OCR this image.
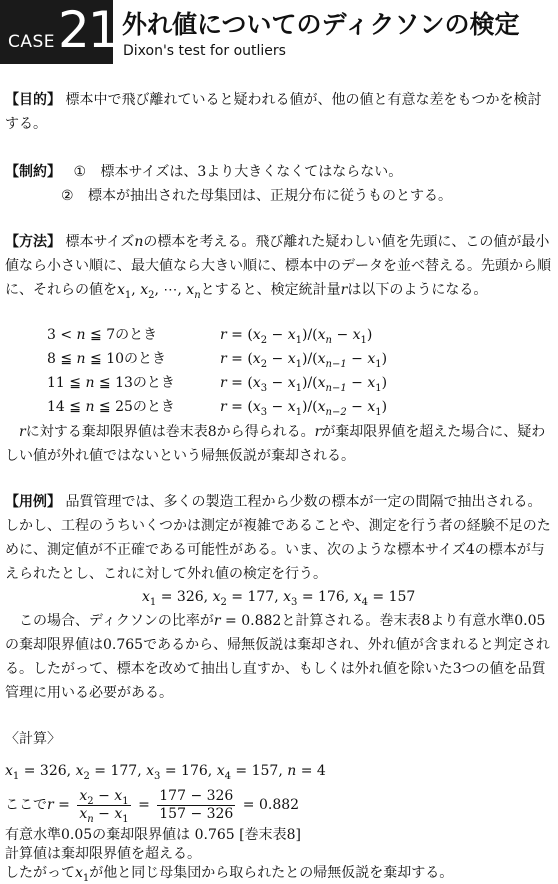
CASE 21 外れ値についてのディクソンの検定
Dixon's test for outliers
【目的】 標本中で飛び離れていると疑われる値が、他の値と有意な差をもつかを検討する。
【制約】 ① 標本サイズは、3より大きくなくてはならない。
② 標本が抽出された母集団は、正規分布に従うものとする。
【方法】 標本サイズnの標本を考える。飛び離れた疑わしい値を先頭に、この値が最小値なら小さい順に、最大値なら大きい順に、標本中のデータを並べ替える。先頭から順に、それらの値を$x_1$, $x_2$, ⋯, $x_n$とすると、検定統計量rは以下のようになる。
3 < n ≦ 7のとき	$r = (x_2 - x_1)/(x_n - x_1)$
8 ≦ n ≦ 10のとき	$r = (x_2 - x_1)/(x_{n-1} - x_1)$
11 ≦ n ≦ 13のとき	$r = (x_3 - x_1)/(x_{n-1} - x_1)$
14 ≦ n ≦ 25のとき	$r = (x_3 - x_1)/(x_{n-2} - x_1)$
rに対する棄却限界値は巻末表8から得られる。rが棄却限界値を超えた場合に、疑わしい値が外れ値ではないという帰無仮説が棄却される。
【用例】 品質管理では、多くの製造工程から少数の標本が一定の間隔で抽出される。しかし、工程のうちいくつかは測定が複雑であることや、測定を行う者の経験不足のために、測定値が不正確である可能性がある。いま、次のような標本サイズ4の標本が与えられたとし、これに対して外れ値の検定を行う。
$x_1 = 326$, $x_2 = 177$, $x_3 = 176$, $x_4 = 157$
この場合、ディクソンの比率がr = 0.882と計算される。巻末表8より有意水準0.05の棄却限界値は0.765であるから、帰無仮説は棄却され、外れ値が含まれると判定される。したがって、標本を改めて抽出し直すか、もしくは外れ値を除いた3つの値を品質管理に用いる必要がある。
〈計算〉
$x_1 = 326$, $x_2 = 177$, $x_3 = 176$, $x_4 = 157$, n = 4
ここで$r = \frac{x_2 - x_1}{x_n - x_1} = \frac{177 - 326}{157 - 326} = 0.882$
有意水準0.05の棄却限界値は 0.765 [巻末表8]
計算値は棄却限界値を超える。
したがって$x_1$が他と同じ母集団から取られたとの帰無仮説を棄却する。
